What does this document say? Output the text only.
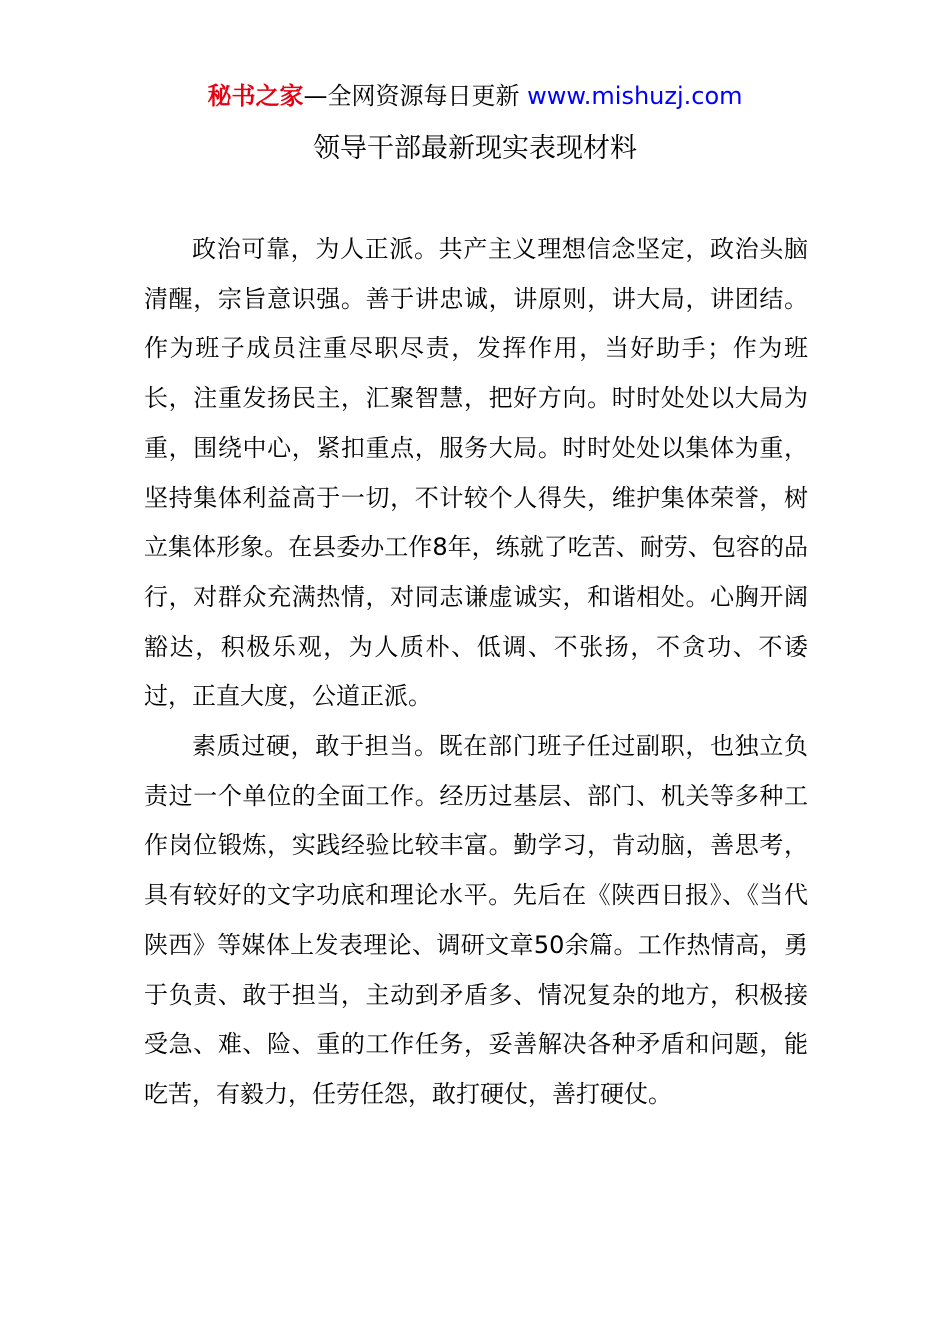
秘书之家—全网资源每日更新 www.mishuzj.com
领导干部最新现实表现材料

政治可靠，为人正派。共产主义理想信念坚定，政治头脑清醒，宗旨意识强。善于讲忠诚，讲原则，讲大局，讲团结。作为班子成员注重尽职尽责，发挥作用，当好助手；作为班长，注重发扬民主，汇聚智慧，把好方向。时时处处以大局为重，围绕中心，紧扣重点，服务大局。时时处处以集体为重，坚持集体利益高于一切，不计较个人得失，维护集体荣誉，树立集体形象。在县委办工作8年，练就了吃苦、耐劳、包容的品行，对群众充满热情，对同志谦虚诚实，和谐相处。心胸开阔豁达，积极乐观，为人质朴、低调、不张扬，不贪功、不诿过，正直大度，公道正派。

素质过硬，敢于担当。既在部门班子任过副职，也独立负责过一个单位的全面工作。经历过基层、部门、机关等多种工作岗位锻炼，实践经验比较丰富。勤学习，肯动脑，善思考，具有较好的文字功底和理论水平。先后在《陕西日报》、《当代陕西》等媒体上发表理论、调研文章50余篇。工作热情高，勇于负责、敢于担当，主动到矛盾多、情况复杂的地方，积极接受急、难、险、重的工作任务，妥善解决各种矛盾和问题，能吃苦，有毅力，任劳任怨，敢打硬仗，善打硬仗。
